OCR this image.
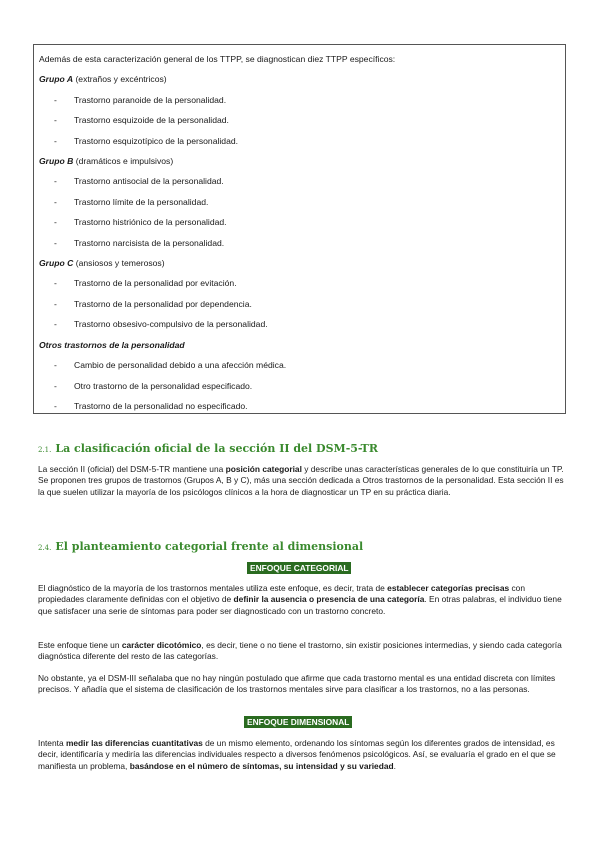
Además de esta caracterización general de los TTPP, se diagnostican diez TTPP específicos:

Grupo A (extraños y excéntricos)

- Trastorno paranoide de la personalidad.

- Trastorno esquizoide de la personalidad.

- Trastorno esquizotípico de la personalidad.

Grupo B (dramáticos e impulsivos)

- Trastorno antisocial de la personalidad.

- Trastorno límite de la personalidad.

- Trastorno histriónico de la personalidad.

- Trastorno narcisista de la personalidad.

Grupo C (ansiosos y temerosos)

- Trastorno de la personalidad por evitación.

- Trastorno de la personalidad por dependencia.

- Trastorno obsesivo-compulsivo de la personalidad.

Otros trastornos de la personalidad

- Cambio de personalidad debido a una afección médica.

- Otro trastorno de la personalidad especificado.

- Trastorno de la personalidad no especificado.

2.1. La clasificación oficial de la sección II del DSM-5-TR

La sección II (oficial) del DSM-5-TR mantiene una posición categorial y describe unas características generales de lo que constituiría un TP. Se proponen tres grupos de trastornos (Grupos A, B y C), más una sección dedicada a Otros trastornos de la personalidad. Esta sección II es la que suelen utilizar la mayoría de los psicólogos clínicos a la hora de diagnosticar un TP en su práctica diaria.

2.4. El planteamiento categorial frente al dimensional
ENFOQUE CATEGORIAL

El diagnóstico de la mayoría de los trastornos mentales utiliza este enfoque, es decir, trata de establecer categorías precisas con propiedades claramente definidas con el objetivo de definir la ausencia o presencia de una categoría. En otras palabras, el individuo tiene que satisfacer una serie de síntomas para poder ser diagnosticado con un trastorno concreto.

Este enfoque tiene un carácter dicotómico, es decir, tiene o no tiene el trastorno, sin existir posiciones intermedias, y siendo cada categoría diagnóstica diferente del resto de las categorías.

No obstante, ya el DSM-III señalaba que no hay ningún postulado que afirme que cada trastorno mental es una entidad discreta con límites precisos. Y añadía que el sistema de clasificación de los trastornos mentales sirve para clasificar a los trastornos, no a las personas.

ENFOQUE DIMENSIONAL

Intenta medir las diferencias cuantitativas de un mismo elemento, ordenando los síntomas según los diferentes grados de intensidad, es decir, identificaría y mediría las diferencias individuales respecto a diversos fenómenos psicológicos. Así, se evaluaría el grado en el que se manifiesta un problema, basándose en el número de síntomas, su intensidad y su variedad.
